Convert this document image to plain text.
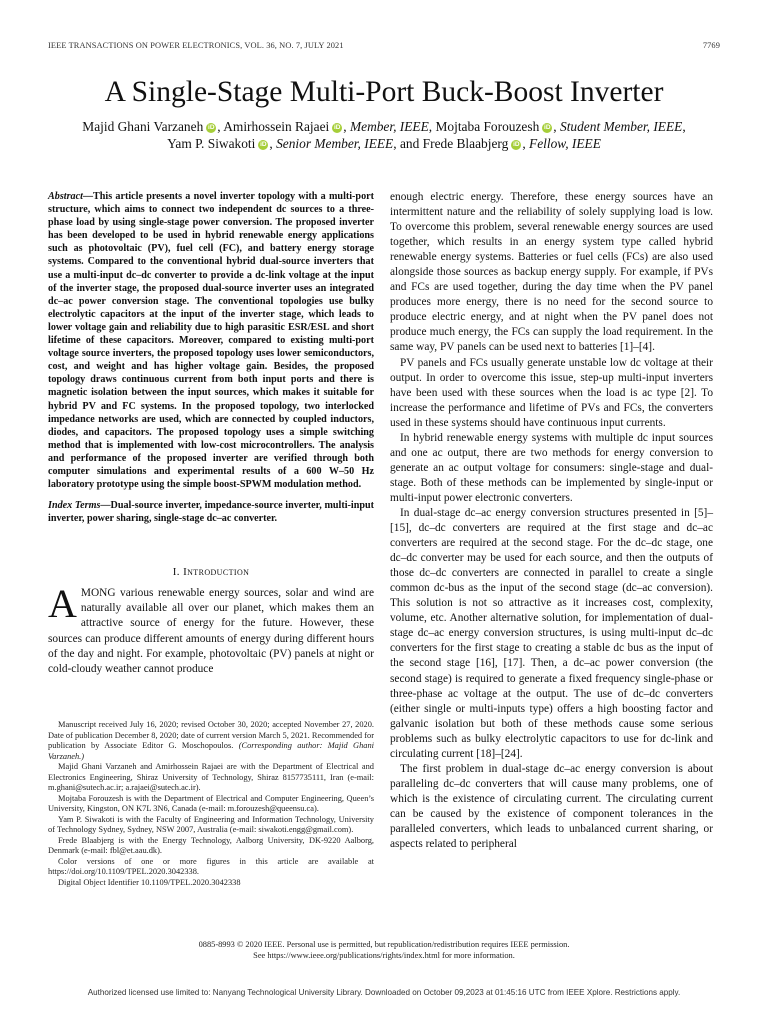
IEEE TRANSACTIONS ON POWER ELECTRONICS, VOL. 36, NO. 7, JULY 2021	7769
A Single-Stage Multi-Port Buck-Boost Inverter
Majid Ghani Varzaneh iD , Amirhossein Rajaei iD , Member, IEEE, Mojtaba Forouzesh iD , Student Member, IEEE,
Yam P. Siwakoti iD , Senior Member, IEEE, and Frede Blaabjerg iD , Fellow, IEEE
Abstract—This article presents a novel inverter topology with a multi-port structure, which aims to connect two independent dc sources to a three-phase load by using single-stage power conversion. The proposed inverter has been developed to be used in hybrid renewable energy applications such as photovoltaic (PV), fuel cell (FC), and battery energy storage systems. Compared to the conventional hybrid dual-source inverters that use a multi-input dc–dc converter to provide a dc-link voltage at the input of the inverter stage, the proposed dual-source inverter uses an integrated dc–ac power conversion stage. The conventional topologies use bulky electrolytic capacitors at the input of the inverter stage, which leads to lower voltage gain and reliability due to high parasitic ESR/ESL and short lifetime of these capacitors. Moreover, compared to existing multi-port voltage source inverters, the proposed topology uses lower semiconductors, cost, and weight and has higher voltage gain. Besides, the proposed topology draws continuous current from both input ports and there is magnetic isolation between the input sources, which makes it suitable for hybrid PV and FC systems. In the proposed topology, two interlocked impedance networks are used, which are connected by coupled inductors, diodes, and capacitors. The proposed topology uses a simple switching method that is implemented with low-cost microcontrollers. The analysis and performance of the proposed inverter are verified through both computer simulations and experimental results of a 600 W–50 Hz laboratory prototype using the simple boost-SPWM modulation method.
Index Terms—Dual-source inverter, impedance-source inverter, multi-input inverter, power sharing, single-stage dc–ac converter.
I. Introduction

AMONG various renewable energy sources, solar and wind are naturally available all over our planet, which makes them an attractive source of energy for the future. However, these sources can produce different amounts of energy during different hours of the day and night. For example, photovoltaic (PV) panels at night or cold-cloudy weather cannot produce

Manuscript received July 16, 2020; revised October 30, 2020; accepted November 27, 2020. Date of publication December 8, 2020; date of current version March 5, 2021. Recommended for publication by Associate Editor G. Moschopoulos. (Corresponding author: Majid Ghani Varzaneh.)

Majid Ghani Varzaneh and Amirhossein Rajaei are with the Department of Electrical and Electronics Engineering, Shiraz University of Technology, Shiraz 8157735111, Iran (e-mail: m.ghani@sutech.ac.ir; a.rajaei@sutech.ac.ir).

Mojtaba Forouzesh is with the Department of Electrical and Computer Engineering, Queen’s University, Kingston, ON K7L 3N6, Canada (e-mail: m.forouzesh@queensu.ca).

Yam P. Siwakoti is with the Faculty of Engineering and Information Technology, University of Technology Sydney, Sydney, NSW 2007, Australia (e-mail: siwakoti.engg@gmail.com).

Frede Blaabjerg is with the Energy Technology, Aalborg University, DK-9220 Aalborg, Denmark (e-mail: fbl@et.aau.dk).

Color versions of one or more figures in this article are available at https://doi.org/10.1109/TPEL.2020.3042338.

Digital Object Identifier 10.1109/TPEL.2020.3042338

enough electric energy. Therefore, these energy sources have an intermittent nature and the reliability of solely supplying load is low. To overcome this problem, several renewable energy sources are used together, which results in an energy system type called hybrid renewable energy systems. Batteries or fuel cells (FCs) are also used alongside those sources as backup energy supply. For example, if PVs and FCs are used together, during the day time when the PV panel produces more energy, there is no need for the second source to produce electric energy, and at night when the PV panel does not produce much energy, the FCs can supply the load requirement. In the same way, PV panels can be used next to batteries [1]–[4].

PV panels and FCs usually generate unstable low dc voltage at their output. In order to overcome this issue, step-up multi-input inverters have been used with these sources when the load is ac type [2]. To increase the performance and lifetime of PVs and FCs, the converters used in these systems should have continuous input currents.

In hybrid renewable energy systems with multiple dc input sources and one ac output, there are two methods for energy conversion to generate an ac output voltage for consumers: single-stage and dual-stage. Both of these methods can be implemented by single-input or multi-input power electronic converters.

In dual-stage dc–ac energy conversion structures presented in [5]–[15], dc–dc converters are required at the first stage and dc–ac converters are required at the second stage. For the dc–dc stage, one dc–dc converter may be used for each source, and then the outputs of those dc–dc converters are connected in parallel to create a single common dc-bus as the input of the second stage (dc–ac conversion). This solution is not so attractive as it increases cost, complexity, volume, etc. Another alternative solution, for implementation of dual-stage dc–ac energy conversion structures, is using multi-input dc–dc converters for the first stage to creating a stable dc bus as the input of the second stage [16], [17]. Then, a dc–ac power conversion (the second stage) is required to generate a fixed frequency single-phase or three-phase ac voltage at the output. The use of dc–dc converters (either single or multi-inputs type) offers a high boosting factor and galvanic isolation but both of these methods cause some serious problems such as bulky electrolytic capacitors to use for dc-link and circulating current [18]–[24].

The first problem in dual-stage dc–ac energy conversion is about paralleling dc–dc converters that will cause many problems, one of which is the existence of circulating current. The circulating current can be caused by the existence of component tolerances in the paralleled converters, which leads to unbalanced current sharing, or aspects related to peripheral

0885-8993 © 2020 IEEE. Personal use is permitted, but republication/redistribution requires IEEE permission.
See https://www.ieee.org/publications/rights/index.html for more information.
Authorized licensed use limited to: Nanyang Technological University Library. Downloaded on October 09,2023 at 01:45:16 UTC from IEEE Xplore. Restrictions apply.
